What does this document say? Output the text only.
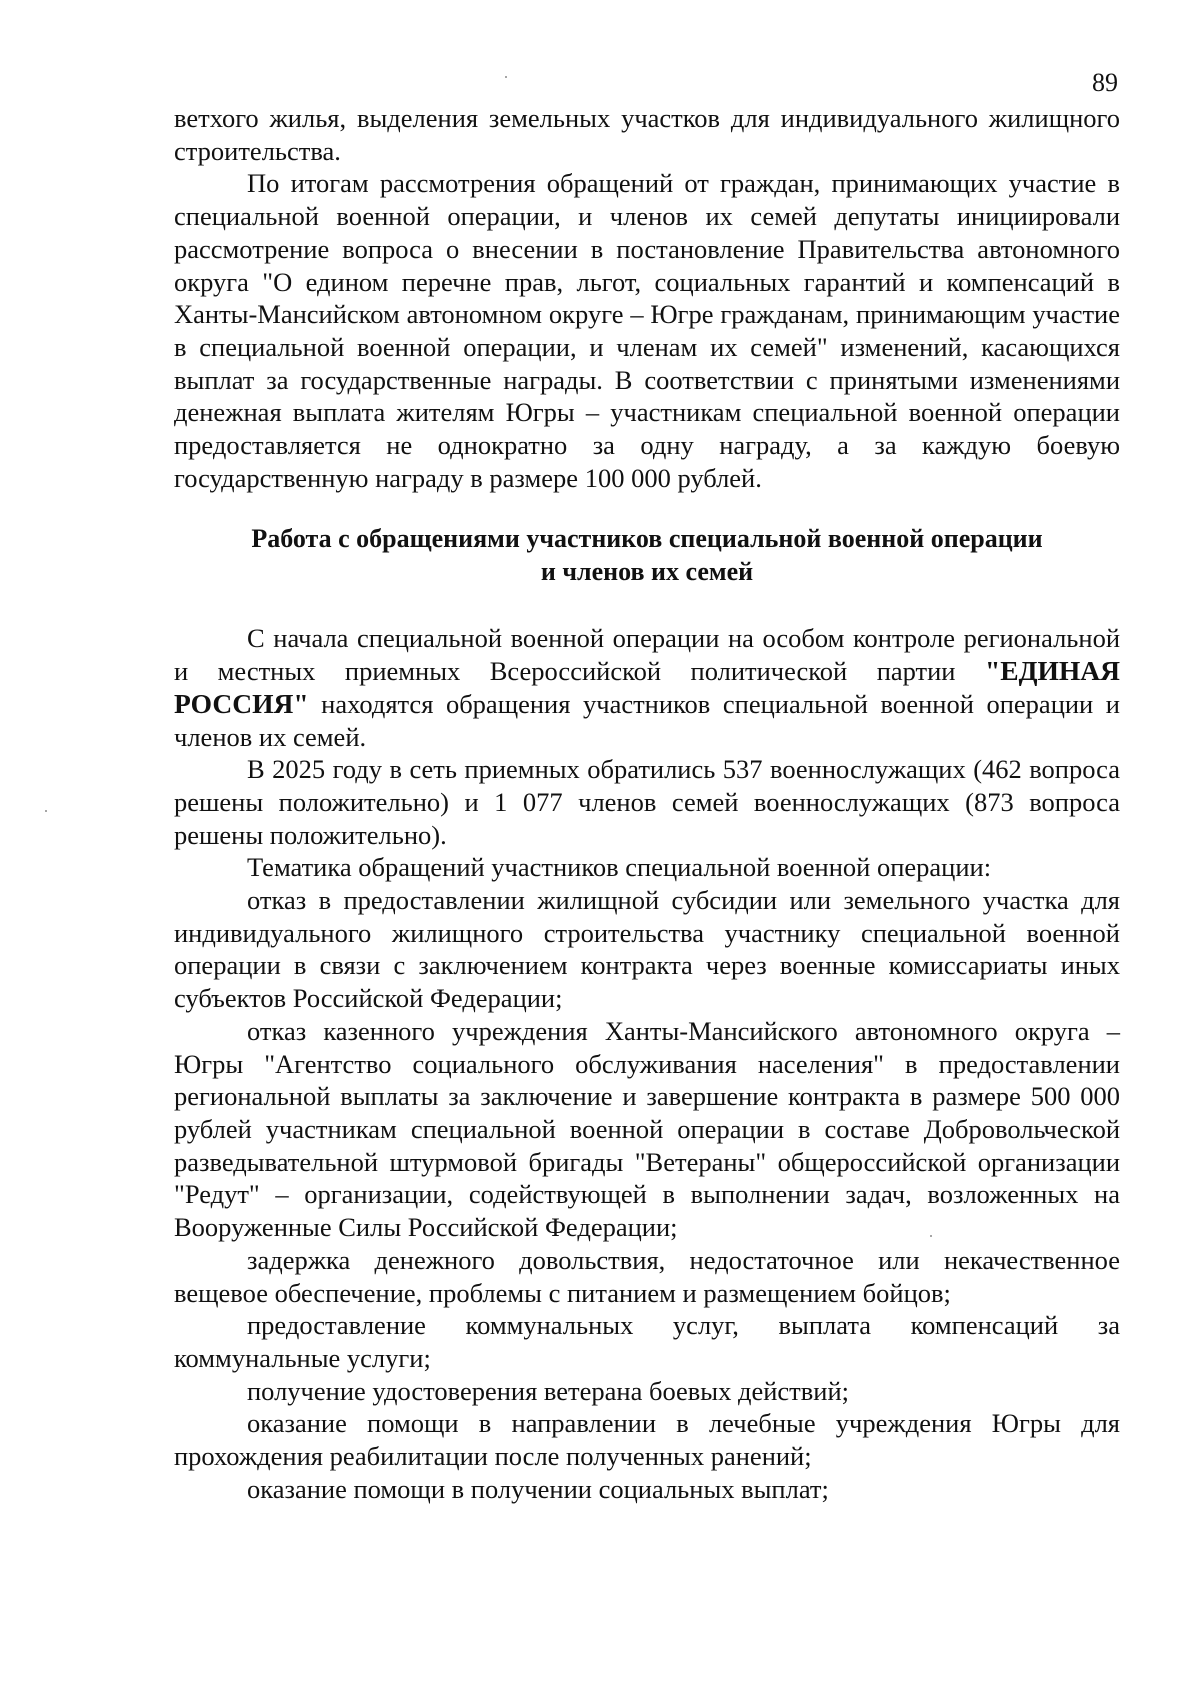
89

ветхого жилья, выделения земельных участков для индивидуального жилищного строительства.

По итогам рассмотрения обращений от граждан, принимающих участие в специальной военной операции, и членов их семей депутаты инициировали рассмотрение вопроса о внесении в постановление Правительства автономного округа "О едином перечне прав, льгот, социальных гарантий и компенсаций в Ханты-Мансийском автономном округе – Югре гражданам, принимающим участие в специальной военной операции, и членам их семей" изменений, касающихся выплат за государственные награды. В соответствии с принятыми изменениями денежная выплата жителям Югры – участникам специальной военной операции предоставляется не однократно за одну награду, а за каждую боевую государственную награду в размере 100 000 рублей.

Работа с обращениями участников специальной военной операции
и членов их семей

С начала специальной военной операции на особом контроле региональной и местных приемных Всероссийской политической партии "ЕДИНАЯ РОССИЯ" находятся обращения участников специальной военной операции и членов их семей.

В 2025 году в сеть приемных обратились 537 военнослужащих (462 вопроса решены положительно) и 1 077 членов семей военнослужащих (873 вопроса решены положительно).

Тематика обращений участников специальной военной операции:

отказ в предоставлении жилищной субсидии или земельного участка для индивидуального жилищного строительства участнику специальной военной операции в связи с заключением контракта через военные комиссариаты иных субъектов Российской Федерации;

отказ казенного учреждения Ханты-Мансийского автономного округа – Югры "Агентство социального обслуживания населения" в предоставлении региональной выплаты за заключение и завершение контракта в размере 500 000 рублей участникам специальной военной операции в составе Добровольческой разведывательной штурмовой бригады "Ветераны" общероссийской организации "Редут" – организации, содействующей в выполнении задач, возложенных на Вооруженные Силы Российской Федерации;

задержка денежного довольствия, недостаточное или некачественное вещевое обеспечение, проблемы с питанием и размещением бойцов;

предоставление коммунальных услуг, выплата компенсаций за коммунальные услуги;

получение удостоверения ветерана боевых действий;

оказание помощи в направлении в лечебные учреждения Югры для прохождения реабилитации после полученных ранений;

оказание помощи в получении социальных выплат;
